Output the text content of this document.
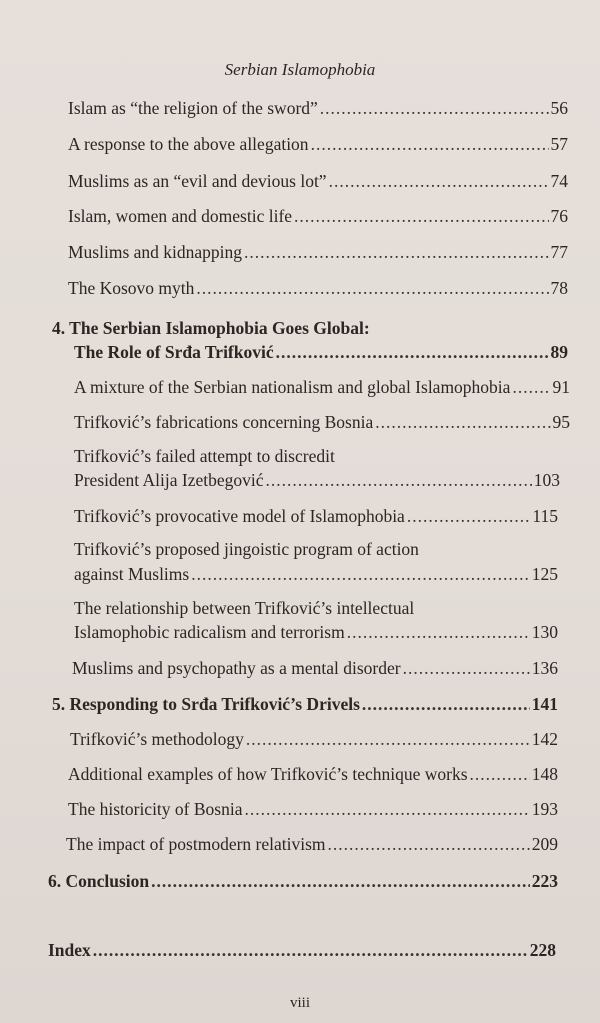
Serbian Islamophobia
Islam as “the religion of the sword” .....	56
A response to the above allegation .....	57
Muslims as an “evil and devious lot” .....	74
Islam, women and domestic life .....	76
Muslims and kidnapping .....	77
The Kosovo myth .....	78
4. The Serbian Islamophobia Goes Global:
The Role of Srđa Trifković .....	89
A mixture of the Serbian nationalism and global Islamophobia ..... 91
Trifković’s fabrications concerning Bosnia .....	95
Trifković’s failed attempt to discredit
President Alija Izetbegović .....	103
Trifković’s provocative model of Islamophobia .....	115
Trifković’s proposed jingoistic program of action
against Muslims .....	125
The relationship between Trifković’s intellectual
Islamophobic radicalism and terrorism .....	130
Muslims and psychopathy as a mental disorder .....	136
5. Responding to Srđa Trifković’s Drivels .....	141
Trifković’s methodology .....	142
Additional examples of how Trifković’s technique works .....	148
The historicity of Bosnia .....	193
The impact of postmodern relativism .....	209
6. Conclusion .....	223
Index .....	228
viii
